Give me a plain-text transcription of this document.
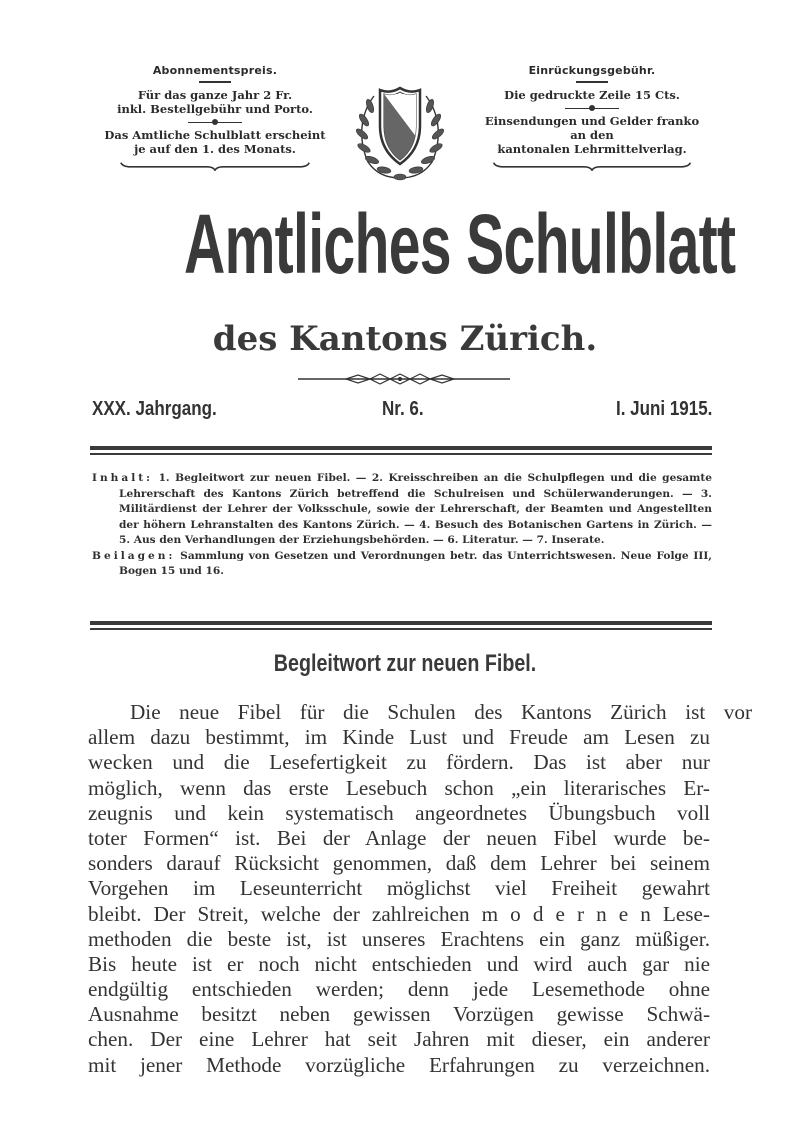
Abonnementspreis.
Für das ganze Jahr 2 Fr.
inkl. Bestellgebühr und Porto.
Das Amtliche Schulblatt erscheint
je auf den 1. des Monats.
Einrückungsgebühr.
Die gedruckte Zeile 15 Cts.
Einsendungen und Gelder franko
an den
kantonalen Lehrmittelverlag.
Amtliches Schulblatt
des Kantons Zürich.
XXX. Jahrgang.	Nr. 6.	I. Juni 1915.

Inhalt: 1. Begleitwort zur neuen Fibel. — 2. Kreisschreiben an die Schulpflegen und die gesamte Lehrerschaft des Kantons Zürich betreffend die Schulreisen und Schülerwanderungen. — 3. Militärdienst der Lehrer der Volksschule, sowie der Lehrerschaft, der Beamten und Angestellten der höhern Lehranstalten des Kantons Zürich. — 4. Besuch des Botanischen Gartens in Zürich. — 5. Aus den Verhandlungen der Erziehungsbehörden. — 6. Literatur. — 7. Inserate.

Beilagen: Sammlung von Gesetzen und Verordnungen betr. das Unterrichtswesen. Neue Folge III, Bogen 15 und 16.

Begleitwort zur neuen Fibel.
Die neue Fibel für die Schulen des Kantons Zürich ist vor
allem dazu bestimmt, im Kinde Lust und Freude am Lesen zu
wecken und die Lesefertigkeit zu fördern. Das ist aber nur
möglich, wenn das erste Lesebuch schon „ein literarisches Er-
zeugnis und kein systematisch angeordnetes Übungsbuch voll
toter Formen“ ist. Bei der Anlage der neuen Fibel wurde be-
sonders darauf Rücksicht genommen, daß dem Lehrer bei seinem
Vorgehen im Leseunterricht möglichst viel Freiheit gewahrt
bleibt. Der Streit, welche der zahlreichen m o d e r n e n Lese-
methoden die beste ist, ist unseres Erachtens ein ganz müßiger.
Bis heute ist er noch nicht entschieden und wird auch gar nie
endgültig entschieden werden; denn jede Lesemethode ohne
Ausnahme besitzt neben gewissen Vorzügen gewisse Schwä-
chen. Der eine Lehrer hat seit Jahren mit dieser, ein anderer
mit jener Methode vorzügliche Erfahrungen zu verzeichnen.
